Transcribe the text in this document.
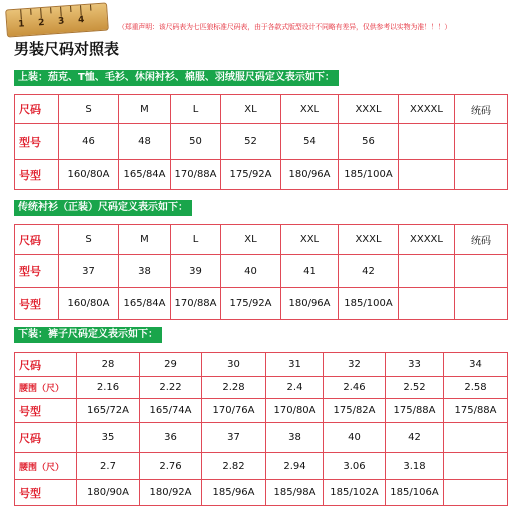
1 2 3 4
（郑重声明：该尺码表为七匹狼标准尺码表，由于各款式版型设计不同略有差异，仅供参考以实物为准！！！）
男装尺码对照表
上装：茄克、T恤、毛衫、休闲衬衫、棉服、羽绒服尺码定义表示如下：
尺码	S	M	L	XL	XXL	XXXL	XXXXL	统码
型号	46	48	50	52	54	56		
号型	160/80A	165/84A	170/88A	175/92A	180/96A	185/100A		
传统衬衫（正装）尺码定义表示如下：
尺码	S	M	L	XL	XXL	XXXL	XXXXL	统码
型号	37	38	39	40	41	42		
号型	160/80A	165/84A	170/88A	175/92A	180/96A	185/100A		
下装：裤子尺码定义表示如下：
尺码	28	29	30	31	32	33	34
腰围（尺）	2.16	2.22	2.28	2.4	2.46	2.52	2.58
号型	165/72A	165/74A	170/76A	170/80A	175/82A	175/88A	175/88A
尺码	35	36	37	38	40	42	
腰围（尺）	2.7	2.76	2.82	2.94	3.06	3.18	
号型	180/90A	180/92A	185/96A	185/98A	185/102A	185/106A	
